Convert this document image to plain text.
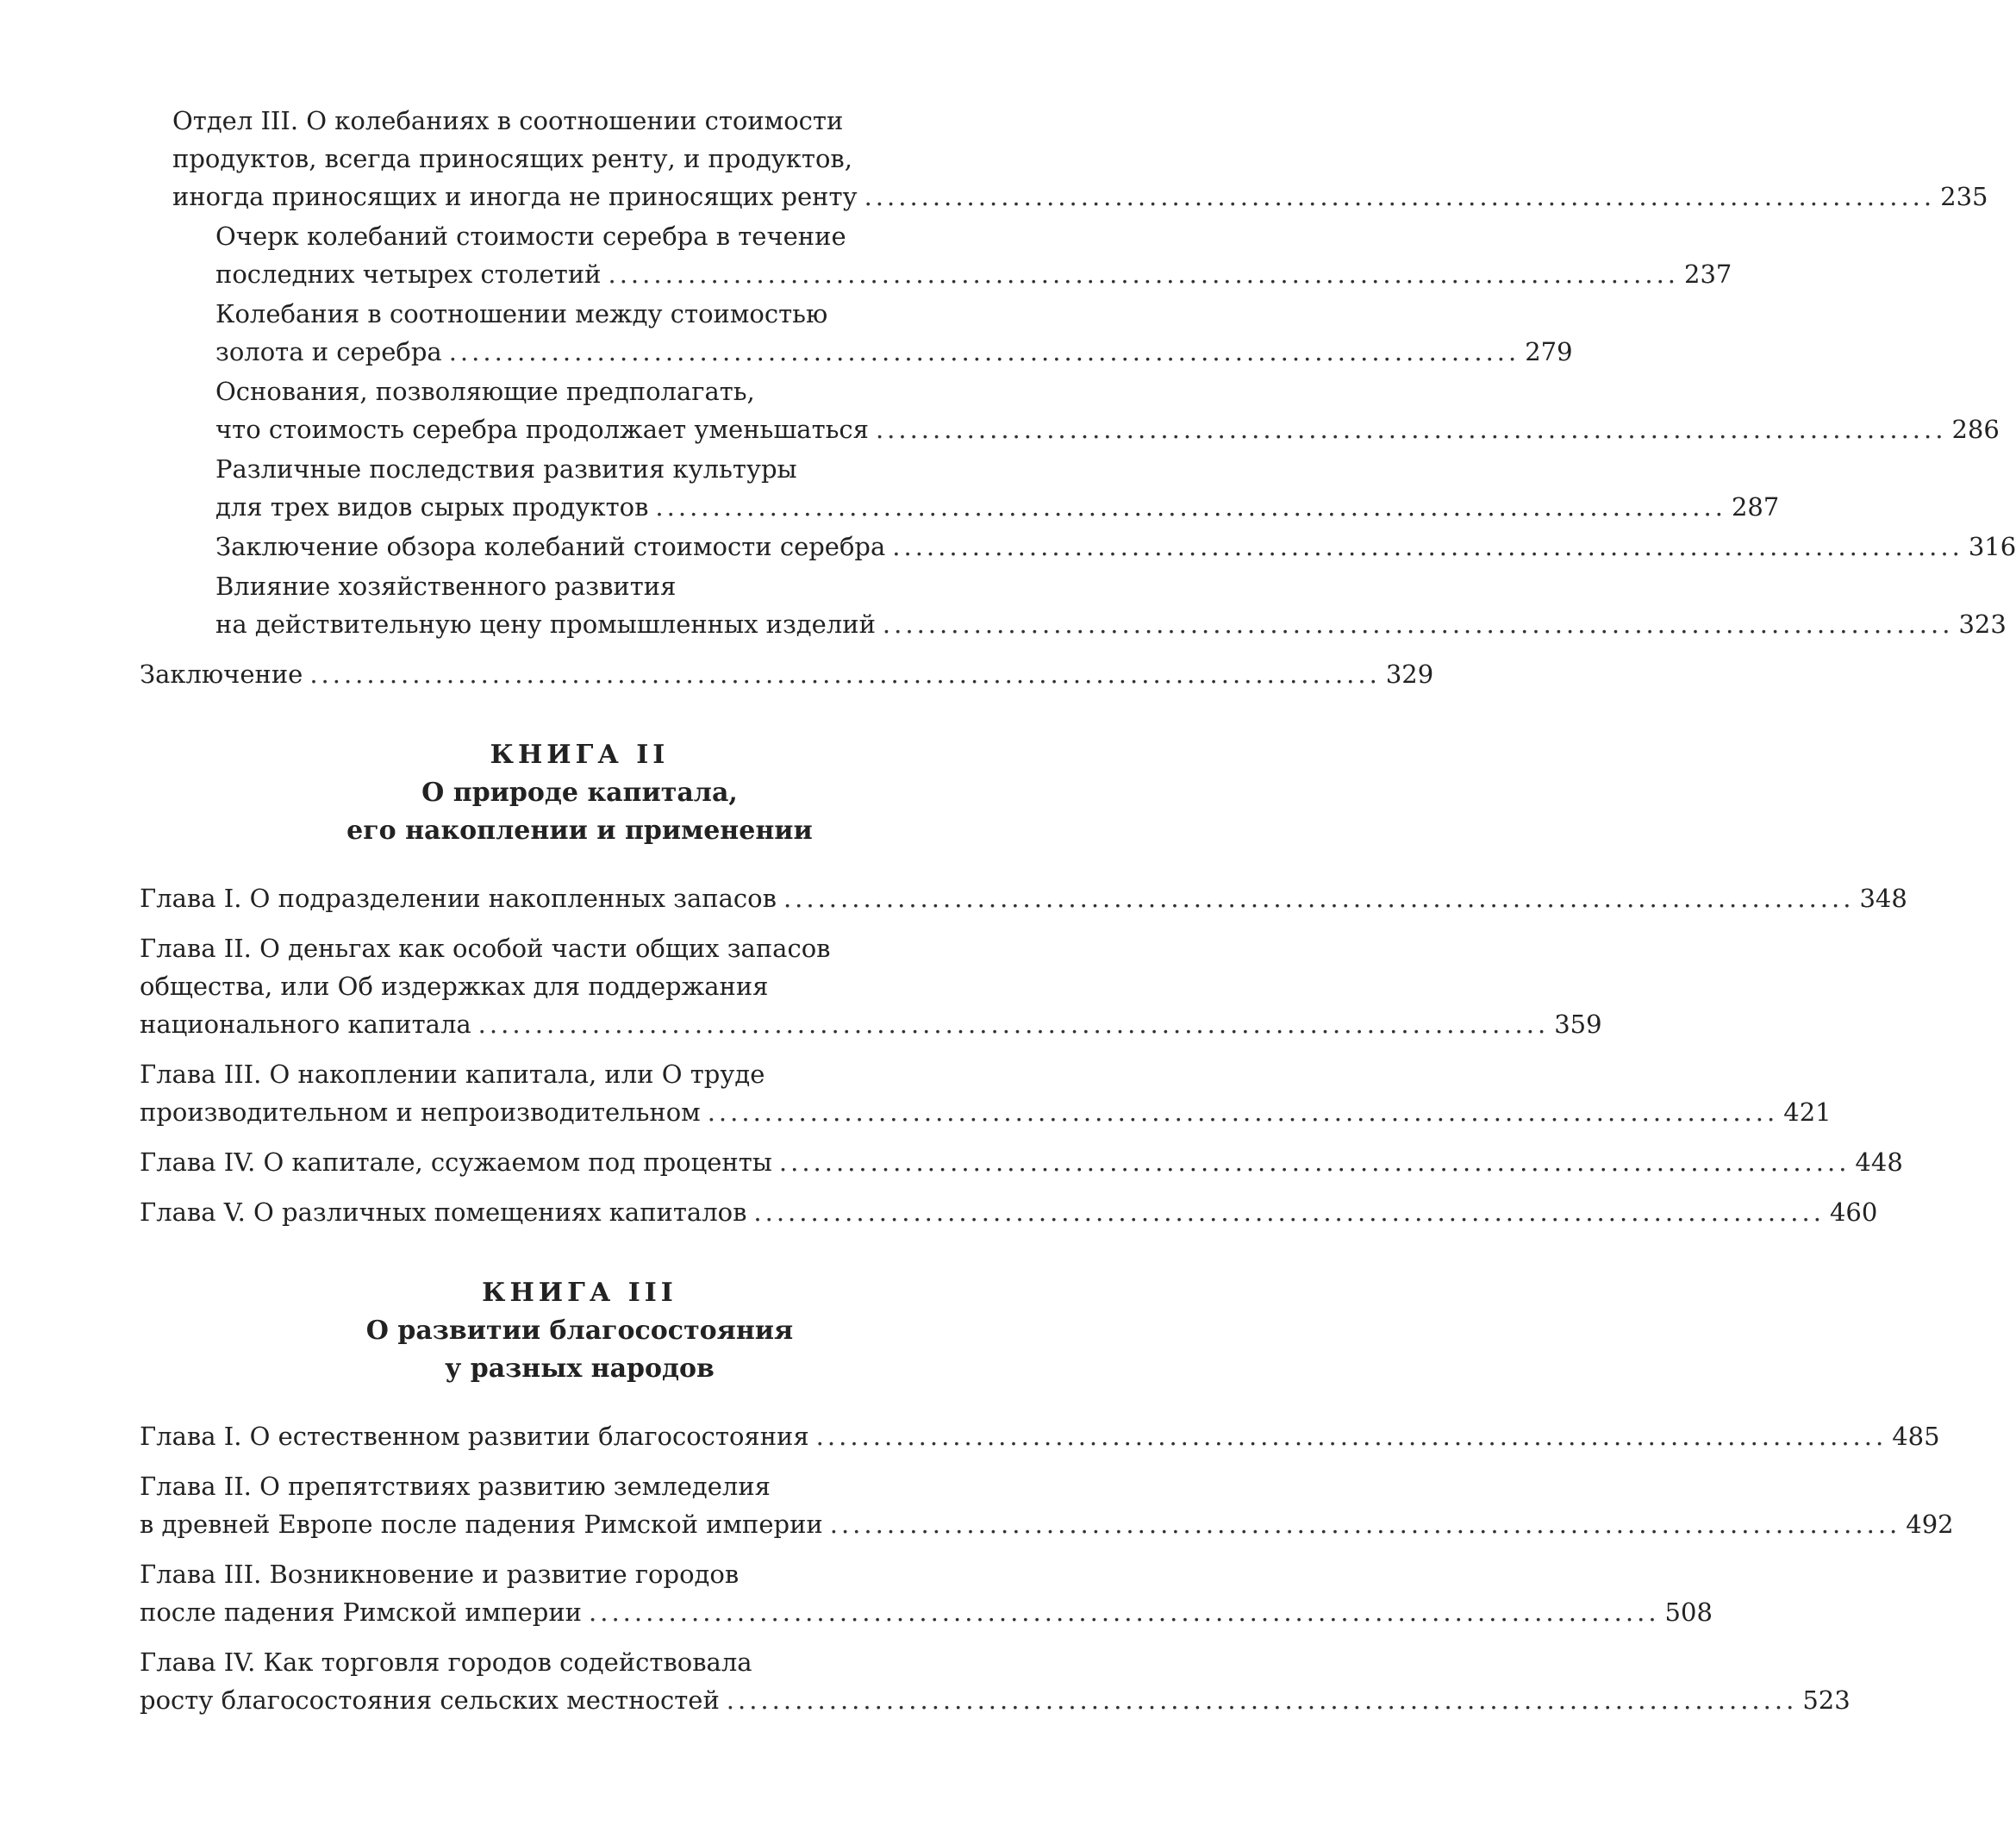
Отдел III. О колебаниях в соотношении стоимости
продуктов, всегда приносящих ренту, и продуктов,
иногда приносящих и иногда не приносящих ренту .............................................................................................. 235
Очерк колебаний стоимости серебра в течение
последних четырех столетий .............................................................................................. 237
Колебания в соотношении между стоимостью
золота и серебра .............................................................................................. 279
Основания, позволяющие предполагать,
что стоимость серебра продолжает уменьшаться .............................................................................................. 286
Различные последствия развития культуры
для трех видов сырых продуктов .............................................................................................. 287
Заключение обзора колебаний стоимости серебра .............................................................................................. 316
Влияние хозяйственного развития
на действительную цену промышленных изделий .............................................................................................. 323
Заключение .............................................................................................. 329
КНИГА II
О природе капитала,
его накоплении и применении
Глава I. О подразделении накопленных запасов .............................................................................................. 348
Глава II. О деньгах как особой части общих запасов
общества, или Об издержках для поддержания
национального капитала .............................................................................................. 359
Глава III. О накоплении капитала, или О труде
производительном и непроизводительном .............................................................................................. 421
Глава IV. О капитале, ссужаемом под проценты .............................................................................................. 448
Глава V. О различных помещениях капиталов .............................................................................................. 460
КНИГА III
О развитии благосостояния
у разных народов
Глава I. О естественном развитии благосостояния .............................................................................................. 485
Глава II. О препятствиях развитию земледелия
в древней Европе после падения Римской империи .............................................................................................. 492
Глава III. Возникновение и развитие городов
после падения Римской империи .............................................................................................. 508
Глава IV. Как торговля городов содействовала
росту благосостояния сельских местностей .............................................................................................. 523
